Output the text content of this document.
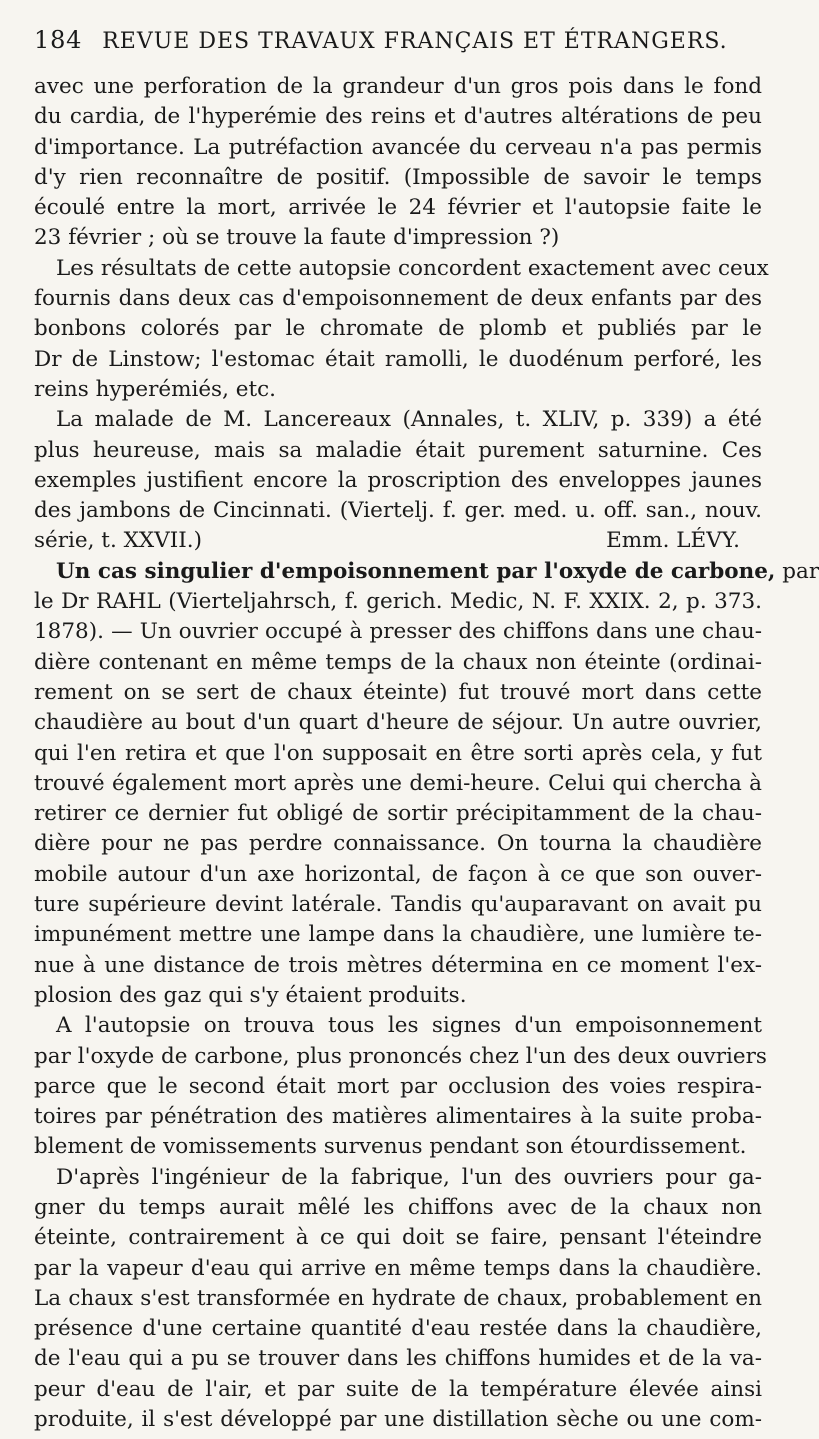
184 REVUE DES TRAVAUX FRANÇAIS ET ÉTRANGERS.
avec une perforation de la grandeur d'un gros pois dans le fond
du cardia, de l'hyperémie des reins et d'autres altérations de peu
d'importance. La putréfaction avancée du cerveau n'a pas permis
d'y rien reconnaître de positif. (Impossible de savoir le temps
écoulé entre la mort, arrivée le 24 février et l'autopsie faite le
23 février ; où se trouve la faute d'impression ?)
Les résultats de cette autopsie concordent exactement avec ceux
fournis dans deux cas d'empoisonnement de deux enfants par des
bonbons colorés par le chromate de plomb et publiés par le
Dr de Linstow; l'estomac était ramolli, le duodénum perforé, les
reins hyperémiés, etc.
La malade de M. Lancereaux (Annales, t. XLIV, p. 339) a été
plus heureuse, mais sa maladie était purement saturnine. Ces
exemples justifient encore la proscription des enveloppes jaunes
des jambons de Cincinnati. (Viertelj. f. ger. med. u. off. san., nouv.
série, t. XXVII.)	Emm. LÉVY.
Un cas singulier d'empoisonnement par l'oxyde de carbone, par
le Dr RAHL (Vierteljahrsch, f. gerich. Medic, N. F. XXIX. 2, p. 373.
1878). — Un ouvrier occupé à presser des chiffons dans une chau-
dière contenant en même temps de la chaux non éteinte (ordinai-
rement on se sert de chaux éteinte) fut trouvé mort dans cette
chaudière au bout d'un quart d'heure de séjour. Un autre ouvrier,
qui l'en retira et que l'on supposait en être sorti après cela, y fut
trouvé également mort après une demi-heure. Celui qui chercha à
retirer ce dernier fut obligé de sortir précipitamment de la chau-
dière pour ne pas perdre connaissance. On tourna la chaudière
mobile autour d'un axe horizontal, de façon à ce que son ouver-
ture supérieure devint latérale. Tandis qu'auparavant on avait pu
impunément mettre une lampe dans la chaudière, une lumière te-
nue à une distance de trois mètres détermina en ce moment l'ex-
plosion des gaz qui s'y étaient produits.
A l'autopsie on trouva tous les signes d'un empoisonnement
par l'oxyde de carbone, plus prononcés chez l'un des deux ouvriers
parce que le second était mort par occlusion des voies respira-
toires par pénétration des matières alimentaires à la suite proba-
blement de vomissements survenus pendant son étourdissement.
D'après l'ingénieur de la fabrique, l'un des ouvriers pour ga-
gner du temps aurait mêlé les chiffons avec de la chaux non
éteinte, contrairement à ce qui doit se faire, pensant l'éteindre
par la vapeur d'eau qui arrive en même temps dans la chaudière.
La chaux s'est transformée en hydrate de chaux, probablement en
présence d'une certaine quantité d'eau restée dans la chaudière,
de l'eau qui a pu se trouver dans les chiffons humides et de la va-
peur d'eau de l'air, et par suite de la température élevée ainsi
produite, il s'est développé par une distillation sèche ou une com-
